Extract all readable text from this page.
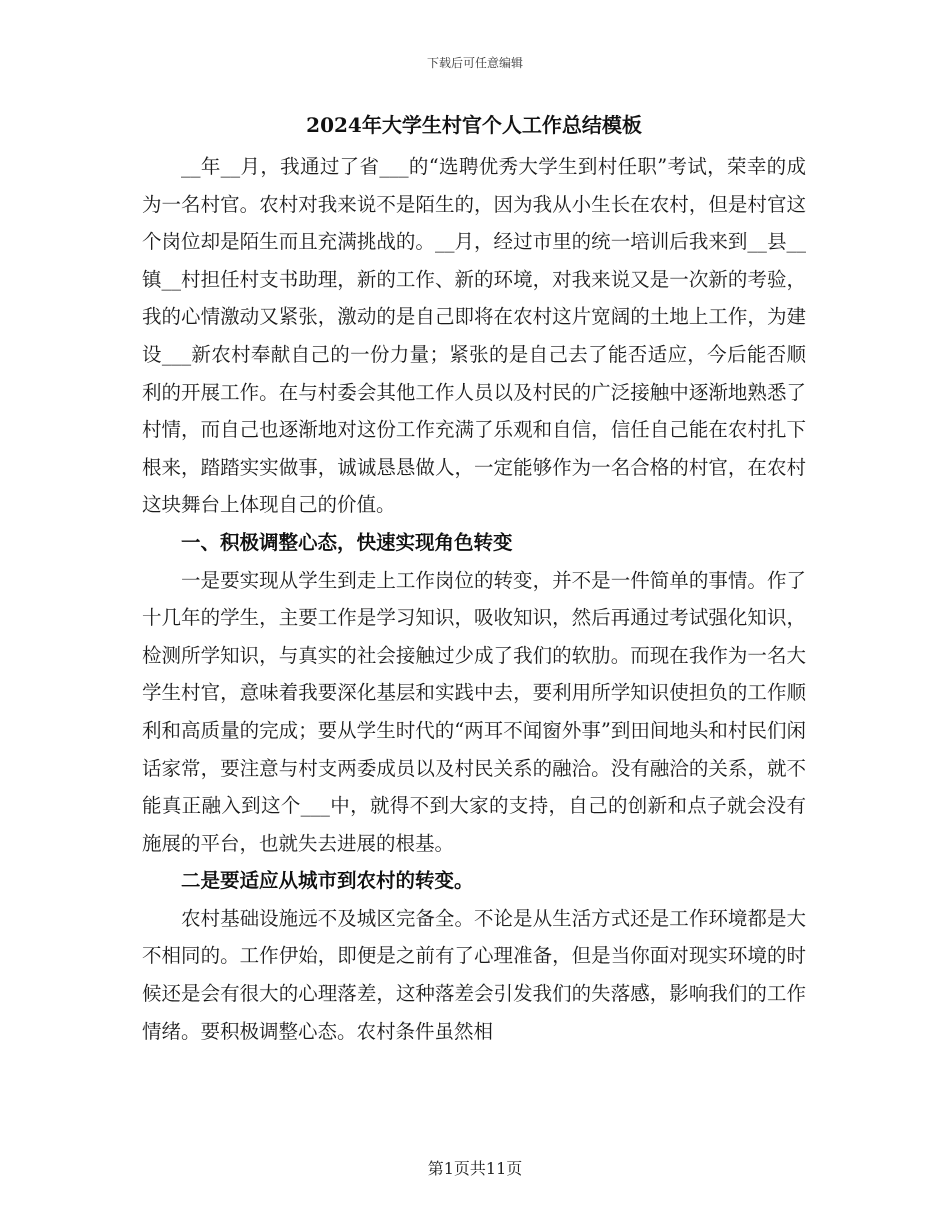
下载后可任意编辑
2024年大学生村官个人工作总结模板

__年__月，我通过了省___的“选聘优秀大学生到村任职”考试，荣幸的成为一名村官。农村对我来说不是陌生的，因为我从小生长在农村，但是村官这个岗位却是陌生而且充满挑战的。__月，经过市里的统一培训后我来到__县__镇__村担任村支书助理，新的工作、新的环境，对我来说又是一次新的考验，我的心情激动又紧张，激动的是自己即将在农村这片宽阔的土地上工作，为建设___新农村奉献自己的一份力量；紧张的是自己去了能否适应，今后能否顺利的开展工作。在与村委会其他工作人员以及村民的广泛接触中逐渐地熟悉了村情，而自己也逐渐地对这份工作充满了乐观和自信，信任自己能在农村扎下根来，踏踏实实做事，诚诚恳恳做人，一定能够作为一名合格的村官，在农村这块舞台上体现自己的价值。

一、积极调整心态，快速实现角色转变

一是要实现从学生到走上工作岗位的转变，并不是一件简单的事情。作了十几年的学生，主要工作是学习知识，吸收知识，然后再通过考试强化知识，检测所学知识，与真实的社会接触过少成了我们的软肋。而现在我作为一名大学生村官，意味着我要深化基层和实践中去，要利用所学知识使担负的工作顺利和高质量的完成；要从学生时代的“两耳不闻窗外事”到田间地头和村民们闲话家常，要注意与村支两委成员以及村民关系的融洽。没有融洽的关系，就不能真正融入到这个___中，就得不到大家的支持，自己的创新和点子就会没有施展的平台，也就失去进展的根基。

二是要适应从城市到农村的转变。

农村基础设施远不及城区完备全。不论是从生活方式还是工作环境都是大不相同的。工作伊始，即便是之前有了心理准备，但是当你面对现实环境的时候还是会有很大的心理落差，这种落差会引发我们的失落感，影响我们的工作情绪。要积极调整心态。农村条件虽然相

第1页共11页
